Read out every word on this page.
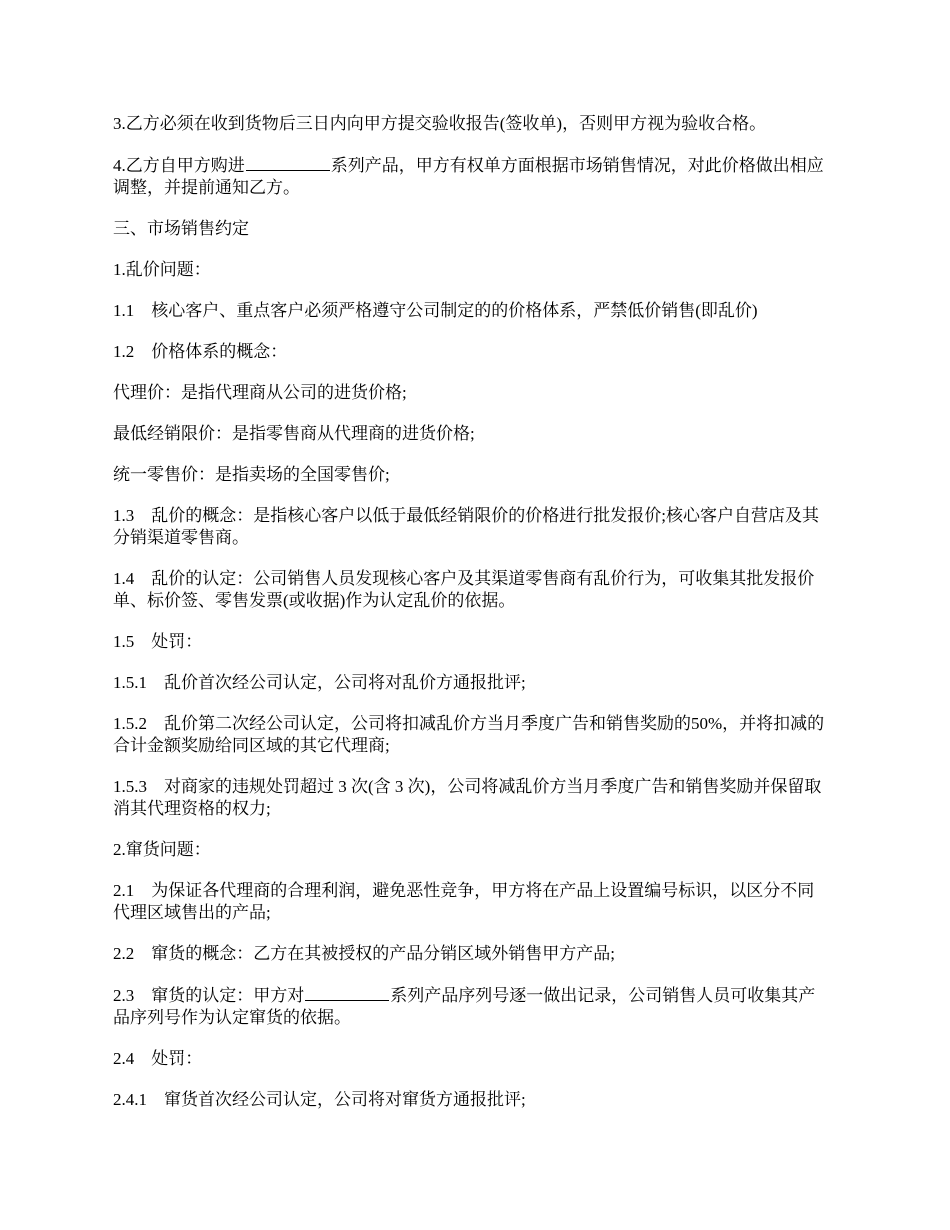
3.乙方必须在收到货物后三日内向甲方提交验收报告(签收单)，否则甲方视为验收合格。

4.乙方自甲方购进	系列产品，甲方有权单方面根据市场销售情况，对此价格做出相应调整，并提前通知乙方。

三、市场销售约定

1.乱价问题：

1.1　核心客户、重点客户必须严格遵守公司制定的的价格体系，严禁低价销售(即乱价)

1.2　价格体系的概念：

代理价：是指代理商从公司的进货价格;

最低经销限价：是指零售商从代理商的进货价格;

统一零售价：是指卖场的全国零售价;

1.3　乱价的概念：是指核心客户以低于最低经销限价的价格进行批发报价;核心客户自营店及其分销渠道零售商。

1.4　乱价的认定：公司销售人员发现核心客户及其渠道零售商有乱价行为，可收集其批发报价单、标价签、零售发票(或收据)作为认定乱价的依据。

1.5　处罚：

1.5.1　乱价首次经公司认定，公司将对乱价方通报批评;

1.5.2　乱价第二次经公司认定，公司将扣减乱价方当月季度广告和销售奖励的50%，并将扣减的合计金额奖励给同区域的其它代理商;

1.5.3　对商家的违规处罚超过 3 次(含 3 次)，公司将减乱价方当月季度广告和销售奖励并保留取消其代理资格的权力;

2.窜货问题：

2.1　为保证各代理商的合理利润，避免恶性竞争，甲方将在产品上设置编号标识，以区分不同代理区域售出的产品;

2.2　窜货的概念：乙方在其被授权的产品分销区域外销售甲方产品;

2.3　窜货的认定：甲方对	系列产品序列号逐一做出记录，公司销售人员可收集其产品序列号作为认定窜货的依据。

2.4　处罚：

2.4.1　窜货首次经公司认定，公司将对窜货方通报批评;
